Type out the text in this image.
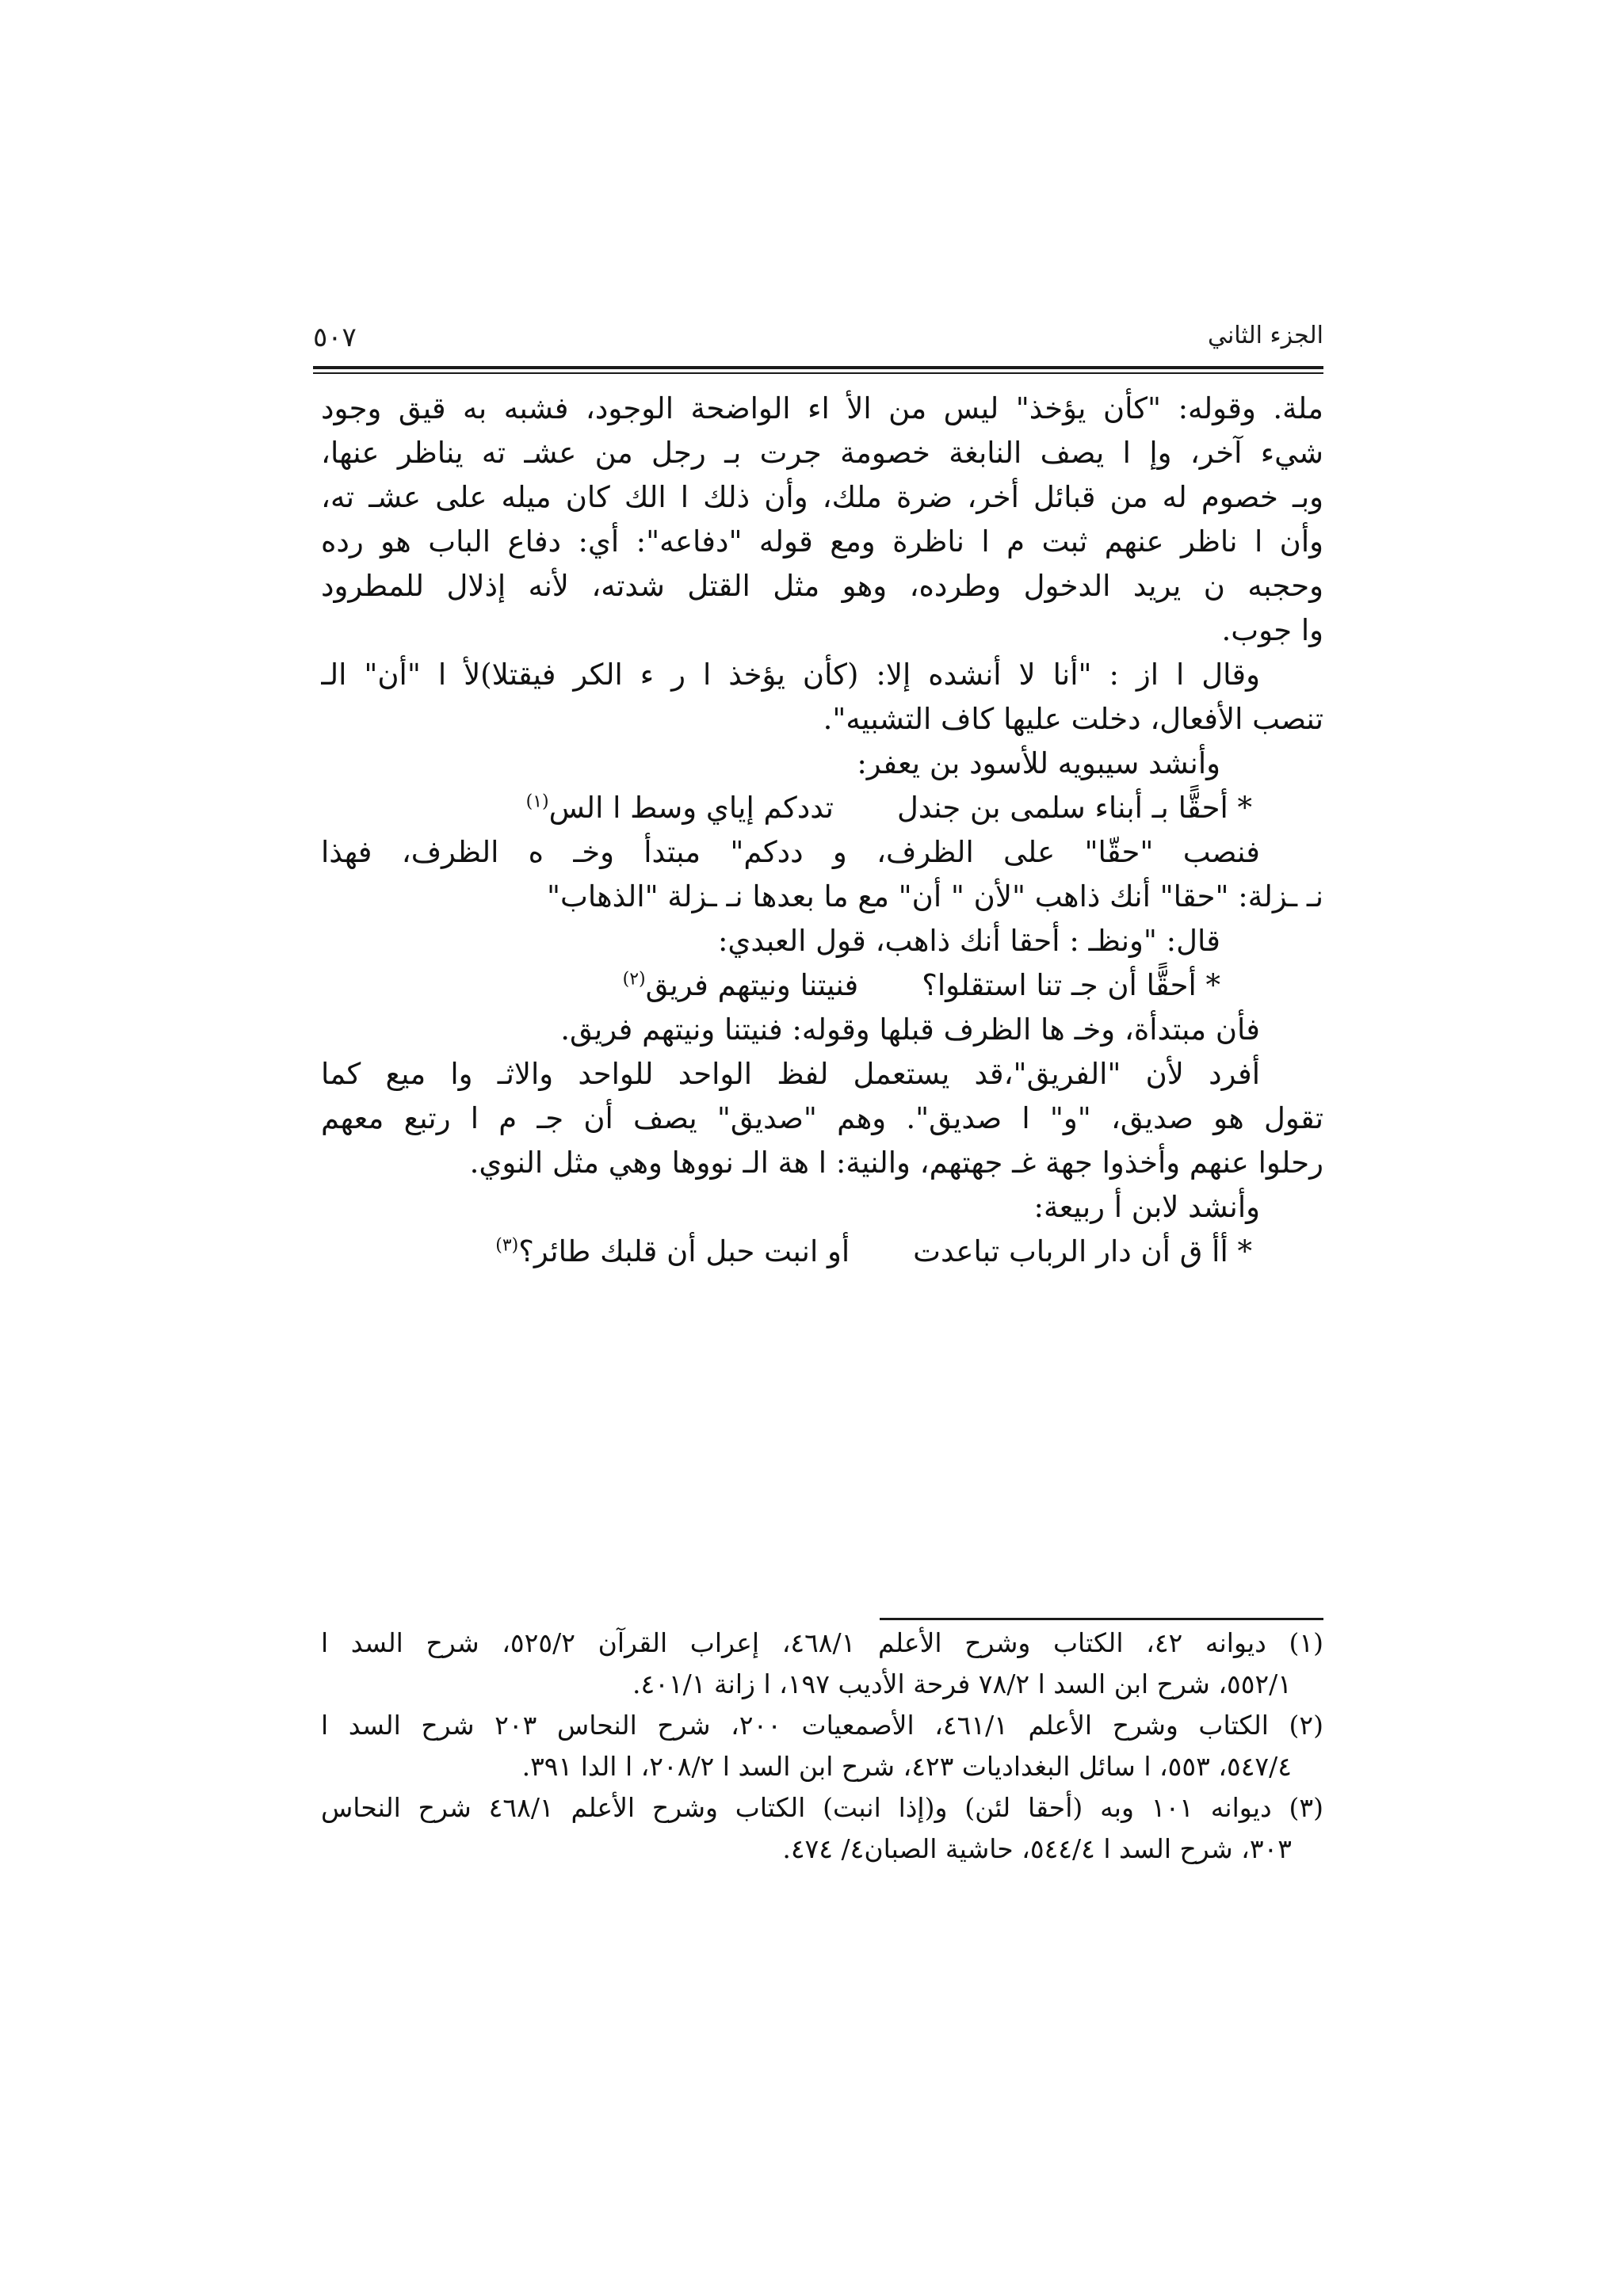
الجزء الثاني
٥٠٧
ملة. وقوله: "كأن يؤخذ" ليس من الأ اء الواضحة الوجود، فشبه به قيق وجود
شيء آخر، وإ ا يصف النابغة خصومة جرت بـ رجل من عشـ ته يناظر عنها،
وبـ خصوم له من قبائل أخر، ضرة ملك، وأن ذلك ا الك كان ميله على عشـ ته،
وأن ا ناظر عنهم ثبت م ا ناظرة ومع قوله "دفاعه": أي: دفاع الباب هو رده
وحجبه ن يريد الدخول وطرده، وهو مثل القتل شدته، لأنه إذلال للمطرود
وا جوب.
وقال ا از : "أنا لا أنشده إلا: (كأن يؤخذ ا ر ء الكر فيقتلا)لأ ا "أن" الـ
تنصب الأفعال، دخلت عليها كاف التشبيه".
وأنشد سيبويه للأسود بن يعفر:
* أحقًّا بـ أبناء سلمى بن جندلتددكم إياي وسط ا الس$^{(١)}$
فنصب "حقّا" على الظرف، و ددكم" مبتدأ وخـ ه الظرف، فهذا
نـ ـزلة: "حقا" أنك ذاهب "لأن " أن" مع ما بعدها نـ ـزلة "الذهاب"
قال: "ونظـ : أحقا أنك ذاهب، قول العبدي:
* أحقًّا أن جـ تنا استقلوا؟فنيتنا ونيتهم فريق$^{(٢)}$
فأن مبتدأة، وخـ ها الظرف قبلها وقوله: فنيتنا ونيتهم فريق.
أفرد لأن "الفريق"،قد يستعمل لفظ الواحد للواحد والاثـ وا ميع كما
تقول هو صديق، "و" ا صديق". وهم "صديق" يصف أن جـ م ا رتبع معهم
رحلوا عنهم وأخذوا جهة غـ جهتهم، والنية: ا هة الـ نووها وهي مثل النوي.
وأنشد لابن أ ربيعة:
* أأ ق أن دار الرباب تباعدتأو انبت حبل أن قلبك طائر؟$^{(٣)}$
(١) ديوانه ٤٢، الكتاب وشرح الأعلم ٤٦٨/١، إعراب القرآن ٥٢٥/٢، شرح السد ا
٥٥٢/١، شرح ابن السد ا ٧٨/٢ فرحة الأديب ١٩٧، ا زانة ٤٠١/١.
(٢) الكتاب وشرح الأعلم ٤٦١/١، الأصمعيات ٢٠٠، شرح النحاس ٢٠٣ شرح السد ا
٥٤٧/٤، ٥٥٣، ا سائل البغداديات ٤٢٣، شرح ابن السد ا ٢٠٨/٢، ا الدا ٣٩١.
(٣) ديوانه ١٠١ وبه (أحقا لئن) و(إذا انبت) الكتاب وشرح الأعلم ٤٦٨/١ شرح النحاس
٣٠٣، شرح السد ا ٥٤٤/٤، حاشية الصبان٤/ ٤٧٤.
